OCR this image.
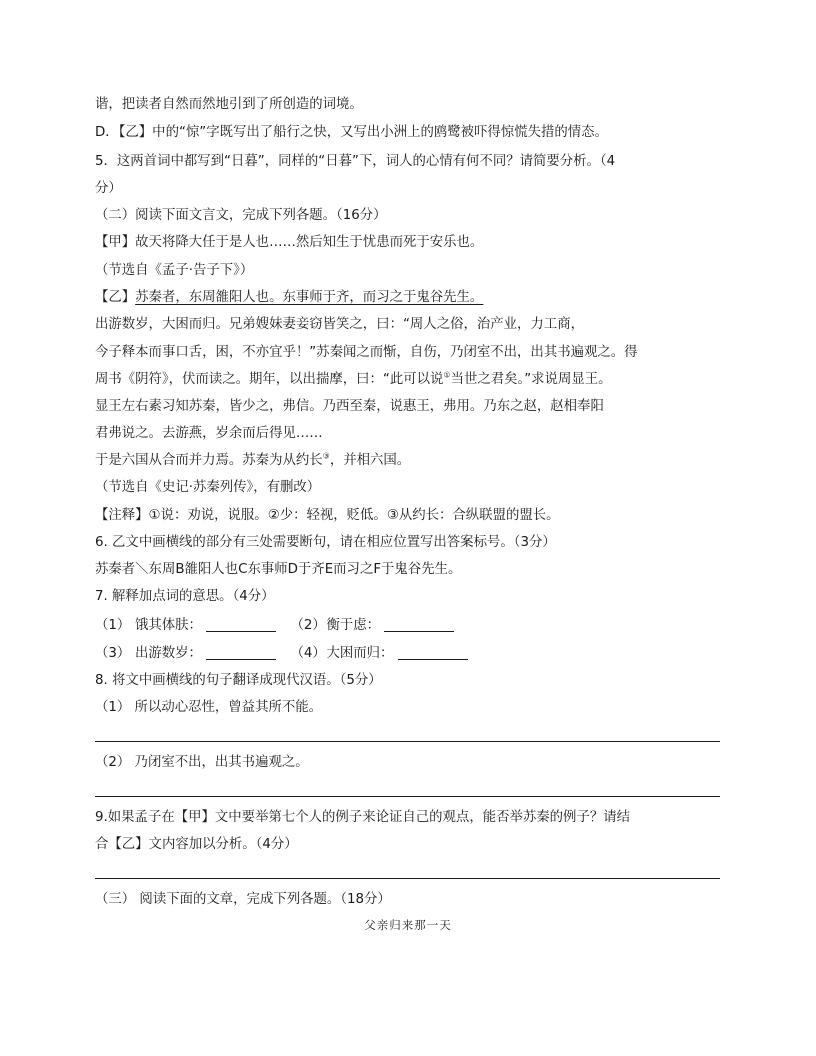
谐，把读者自然而然地引到了所创造的词境。
D．【乙】中的“惊”字既写出了船行之快，又写出小洲上的鸥鹭被吓得惊慌失措的情态。
5．这两首词中都写到“日暮”，同样的“日暮”下，词人的心情有何不同？请简要分析。（4
分）
（二）阅读下面文言文，完成下列各题。（16分）
【甲】故天将降大任于是人也……然后知生于忧患而死于安乐也。
（节选自《孟子·告子下》）
【乙】苏秦者，东周雒阳人也。东事师于齐，而习之于鬼谷先生。
出游数岁，大困而归。兄弟嫂妹妻妾窃皆笑之，曰：“周人之俗，治产业，力工商，
今子释本而事口舌，困，不亦宜乎！”苏秦闻之而惭，自伤，乃闭室不出，出其书遍观之。得
周书《阴符》，伏而读之。期年，以出揣摩，曰：“此可以说①当世之君矣。”求说周显王。
显王左右素习知苏秦，皆少之，弗信。乃西至秦，说惠王，弗用。乃东之赵，赵相奉阳
君弗说之。去游燕，岁余而后得见……
于是六国从合而并力焉。苏秦为从约长③，并相六国。
（节选自《史记·苏秦列传》，有删改）
【注释】①说：劝说，说服。②少：轻视，贬低。③从约长：合纵联盟的盟长。
6. 乙文中画横线的部分有三处需要断句，请在相应位置写出答案标号。（3分）
苏秦者＼东周B雒阳人也C东事师D于齐E而习之F于鬼谷先生。
7. 解释加点词的意思。（4分）
（1） 饿其体肤：	（2）衡于虑：
（3） 出游数岁：	（4）大困而归：
8. 将文中画横线的句子翻译成现代汉语。（5分）
（1） 所以动心忍性，曾益其所不能。
（2） 乃闭室不出，出其书遍观之。
9.如果孟子在【甲】文中要举第七个人的例子来论证自己的观点，能否举苏秦的例子？请结
合【乙】文内容加以分析。（4分）
（三） 阅读下面的文章，完成下列各题。（18分）
父亲归来那一天
